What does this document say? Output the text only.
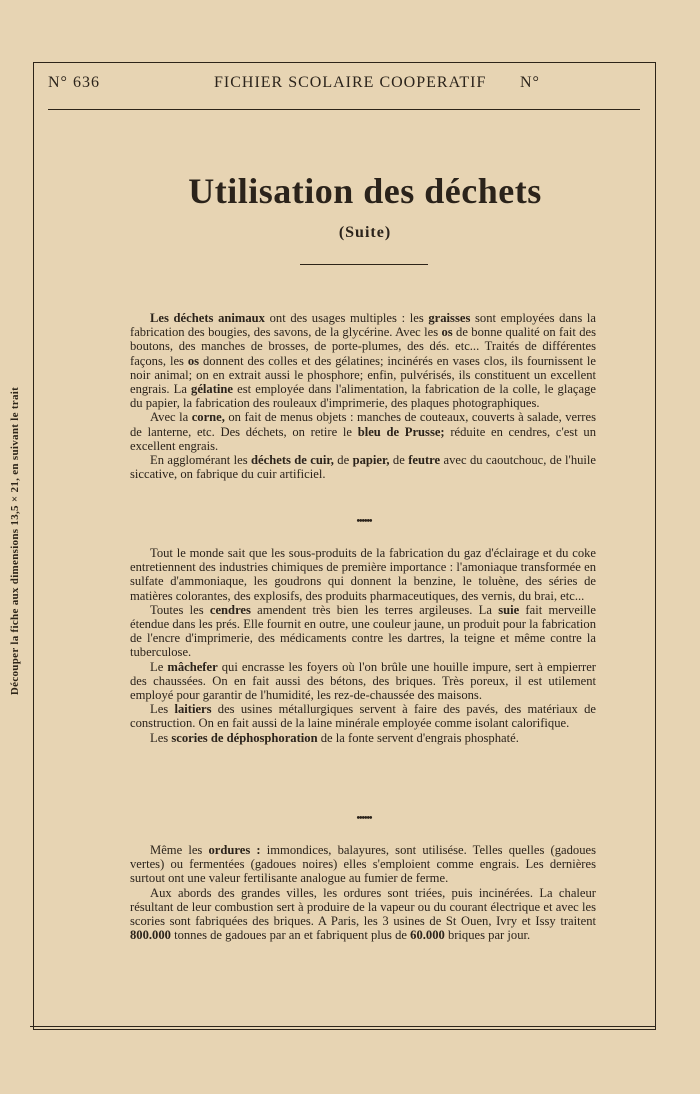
Découper la fiche aux dimensions 13,5 × 21, en suivant le trait
N° 636	FICHIER SCOLAIRE COOPERATIF N°
Utilisation des déchets
(Suite)

Les déchets animaux ont des usages multiples : les graisses sont employées dans la fabrication des bougies, des savons, de la glycérine. Avec les os de bonne qualité on fait des boutons, des manches de brosses, de porte-plumes, des dés. etc... Traités de différentes façons, les os donnent des colles et des gélatines; incinérés en vases clos, ils fournissent le noir animal; on en extrait aussi le phosphore; enfin, pulvérisés, ils constituent un excellent engrais. La gélatine est employée dans l'alimentation, la fabrication de la colle, le glaçage du papier, la fabrication des rouleaux d'imprimerie, des plaques photographiques.

Avec la corne, on fait de menus objets : manches de couteaux, couverts à salade, verres de lanterne, etc. Des déchets, on retire le bleu de Prusse; réduite en cendres, c'est un excellent engrais.

En agglomérant les déchets de cuir, de papier, de feutre avec du caoutchouc, de l'huile siccative, on fabrique du cuir artificiel.

••••••

Tout le monde sait que les sous-produits de la fabrication du gaz d'éclairage et du coke entretiennent des industries chimiques de première importance : l'amoniaque transformée en sulfate d'ammoniaque, les goudrons qui donnent la benzine, le toluène, des séries de matières colorantes, des explosifs, des produits pharmaceutiques, des vernis, du brai, etc...

Toutes les cendres amendent très bien les terres argileuses. La suie fait merveille étendue dans les prés. Elle fournit en outre, une couleur jaune, un produit pour la fabrication de l'encre d'imprimerie, des médicaments contre les dartres, la teigne et même contre la tuberculose.

Le mâchefer qui encrasse les foyers où l'on brûle une houille impure, sert à empierrer des chaussées. On en fait aussi des bétons, des briques. Très poreux, il est utilement employé pour garantir de l'humidité, les rez-de-chaussée des maisons.

Les laitiers des usines métallurgiques servent à faire des pavés, des matériaux de construction. On en fait aussi de la laine minérale employée comme isolant calorifique.

Les scories de déphosphoration de la fonte servent d'engrais phosphaté.

••••••

Même les ordures : immondices, balayures, sont utilisése. Telles quelles (gadoues vertes) ou fermentées (gadoues noires) elles s'emploient comme engrais. Les dernières surtout ont une valeur fertilisante analogue au fumier de ferme.

Aux abords des grandes villes, les ordures sont triées, puis incinérées. La chaleur résultant de leur combustion sert à produire de la vapeur ou du courant électrique et avec les scories sont fabriquées des briques. A Paris, les 3 usines de St Ouen, Ivry et Issy traitent 800.000 tonnes de gadoues par an et fabriquent plus de 60.000 briques par jour.
